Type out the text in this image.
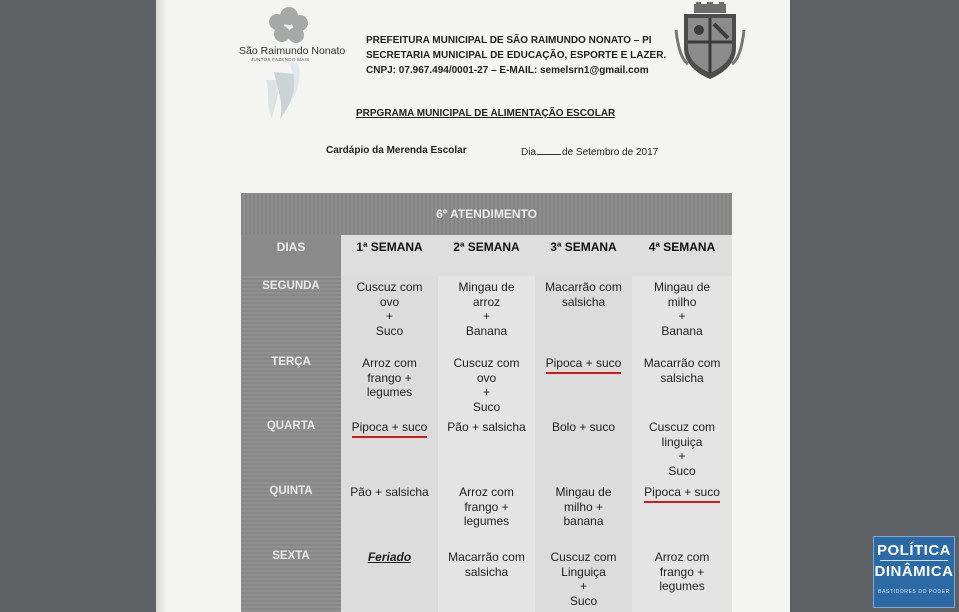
São Raimundo Nonato
JUNTOS FAZENDO MAIS
PREFEITURA MUNICIPAL DE SÃO RAIMUNDO NONATO – PI
SECRETARIA MUNICIPAL DE EDUCAÇÃO, ESPORTE E LAZER.
CNPJ: 07.967.494/0001-27 – E-MAIL: semelsrn1@gmail.com
PRPGRAMA MUNICIPAL DE ALIMENTAÇÃO ESCOLAR
Cardápio da Merenda Escolar	Dia	de Setembro de 2017
6º ATENDIMENTO				
DIAS	1ª SEMANA	2ª SEMANA	3ª SEMANA	4ª SEMANA
SEGUNDA	Cuscuz com
ovo
+
Suco	Mingau de
arroz
+
Banana	Macarrão com
salsicha	Mingau de
milho
+
Banana

TERÇA	Arroz com
frango +
legumes	Cuscuz com
ovo
+
Suco	Pipoca + suco	Macarrão com
salsicha

QUARTA	Pipoca + suco	Pão + salsicha	Bolo + suco	Cuscuz com
linguiça
+
Suco

QUINTA	Pão + salsicha	Arroz com
frango +
legumes	Mingau de
milho +
banana	Pipoca + suco
SEXTA	Feriado	Macarrão com
salsicha	Cuscuz com
Linguiça
+
Suco	Arroz com
frango +
legumes
POLÍTICA
DINÂMICA
BASTIDORES DO PODER
